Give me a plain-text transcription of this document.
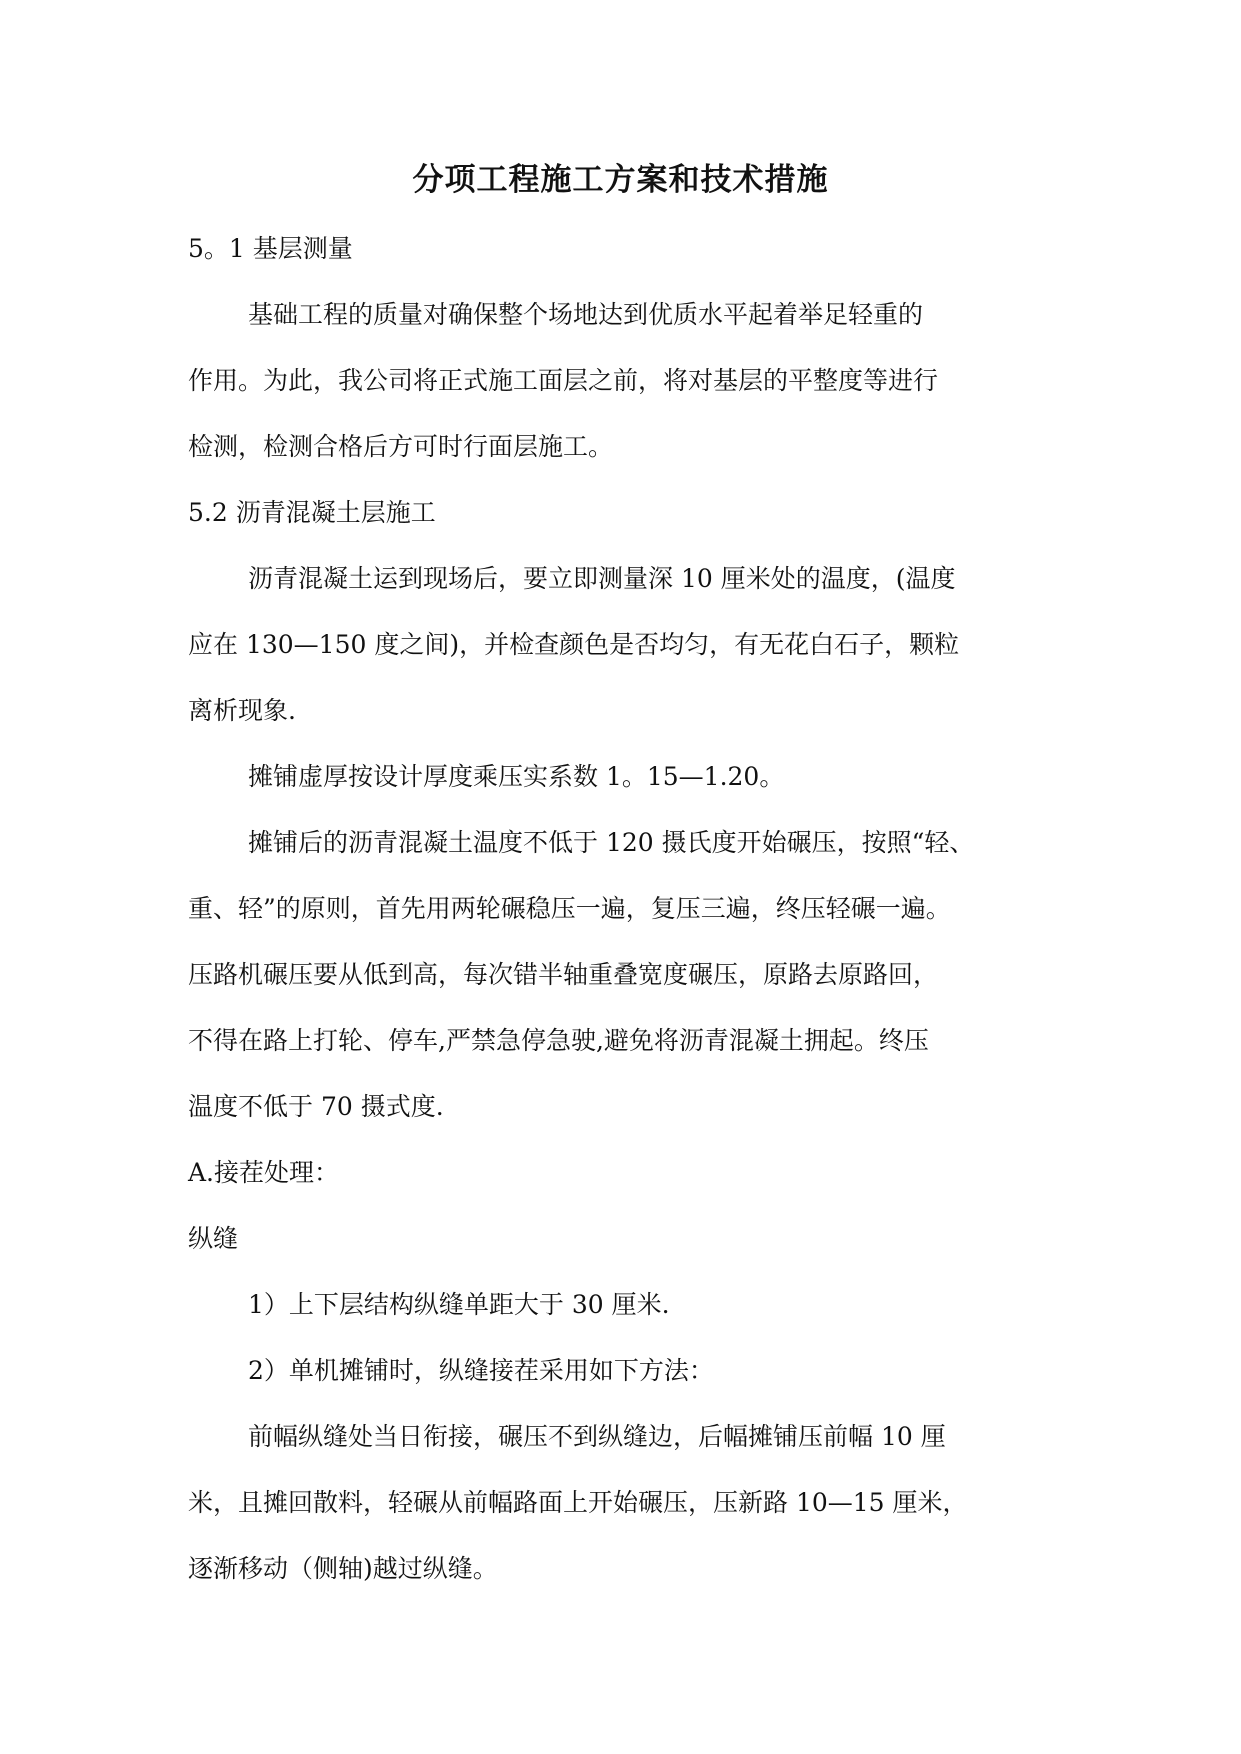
分项工程施工方案和技术措施
5。1 基层测量
基础工程的质量对确保整个场地达到优质水平起着举足轻重的
作用。为此，我公司将正式施工面层之前，将对基层的平整度等进行
检测，检测合格后方可时行面层施工。
5.2 沥青混凝土层施工
沥青混凝土运到现场后，要立即测量深 10 厘米处的温度，(温度
应在 130—150 度之间)，并检查颜色是否均匀，有无花白石子，颗粒
离析现象.
摊铺虚厚按设计厚度乘压实系数 1。15—1.20。
摊铺后的沥青混凝土温度不低于 120 摄氏度开始碾压，按照“轻、
重、轻”的原则，首先用两轮碾稳压一遍，复压三遍，终压轻碾一遍。
压路机碾压要从低到高，每次错半轴重叠宽度碾压，原路去原路回，
不得在路上打轮、停车,严禁急停急驶,避免将沥青混凝土拥起。终压
温度不低于 70 摄式度.
A.接茬处理：
纵缝
1）上下层结构纵缝单距大于 30 厘米.
2）单机摊铺时，纵缝接茬采用如下方法：
前幅纵缝处当日衔接，碾压不到纵缝边，后幅摊铺压前幅 10 厘
米，且摊回散料，轻碾从前幅路面上开始碾压，压新路 10—15 厘米，
逐渐移动（侧轴)越过纵缝。
